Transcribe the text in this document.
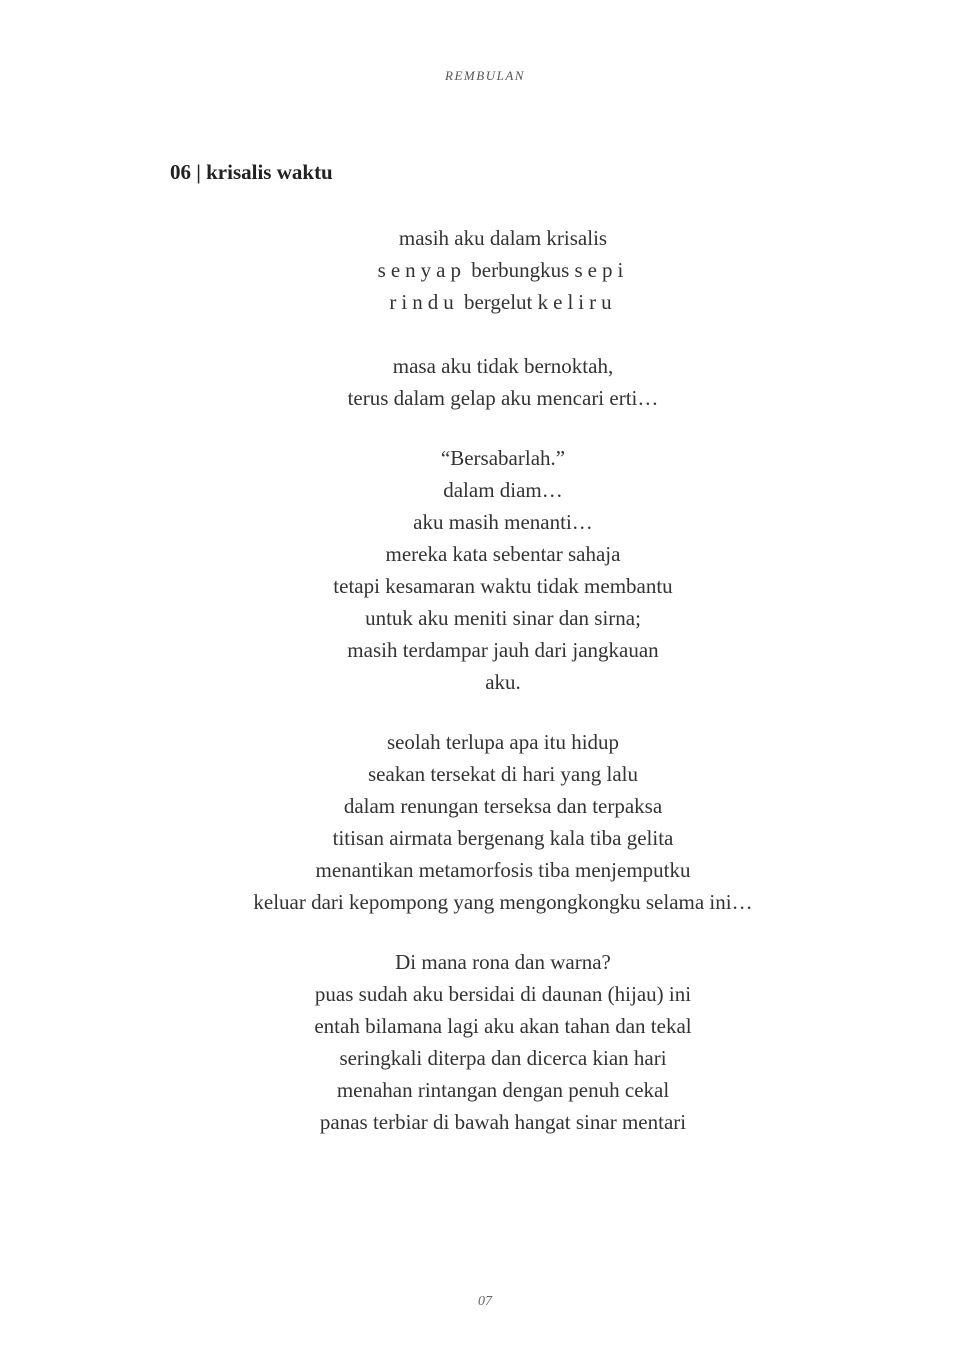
REMBULAN
06 | krisalis waktu
masih aku dalam krisalis
senyap berbungkus sepi
rindu bergelut keliru
masa aku tidak bernoktah,
terus dalam gelap aku mencari erti…
“Bersabarlah.”
dalam diam…
aku masih menanti…
mereka kata sebentar sahaja
tetapi kesamaran waktu tidak membantu
untuk aku meniti sinar dan sirna;
masih terdampar jauh dari jangkauan
aku.
seolah terlupa apa itu hidup
seakan tersekat di hari yang lalu
dalam renungan terseksa dan terpaksa
titisan airmata bergenang kala tiba gelita
menantikan metamorfosis tiba menjemputku
keluar dari kepompong yang mengongkongku selama ini…
Di mana rona dan warna?
puas sudah aku bersidai di daunan (hijau) ini
entah bilamana lagi aku akan tahan dan tekal
seringkali diterpa dan dicerca kian hari
menahan rintangan dengan penuh cekal
panas terbiar di bawah hangat sinar mentari
07
